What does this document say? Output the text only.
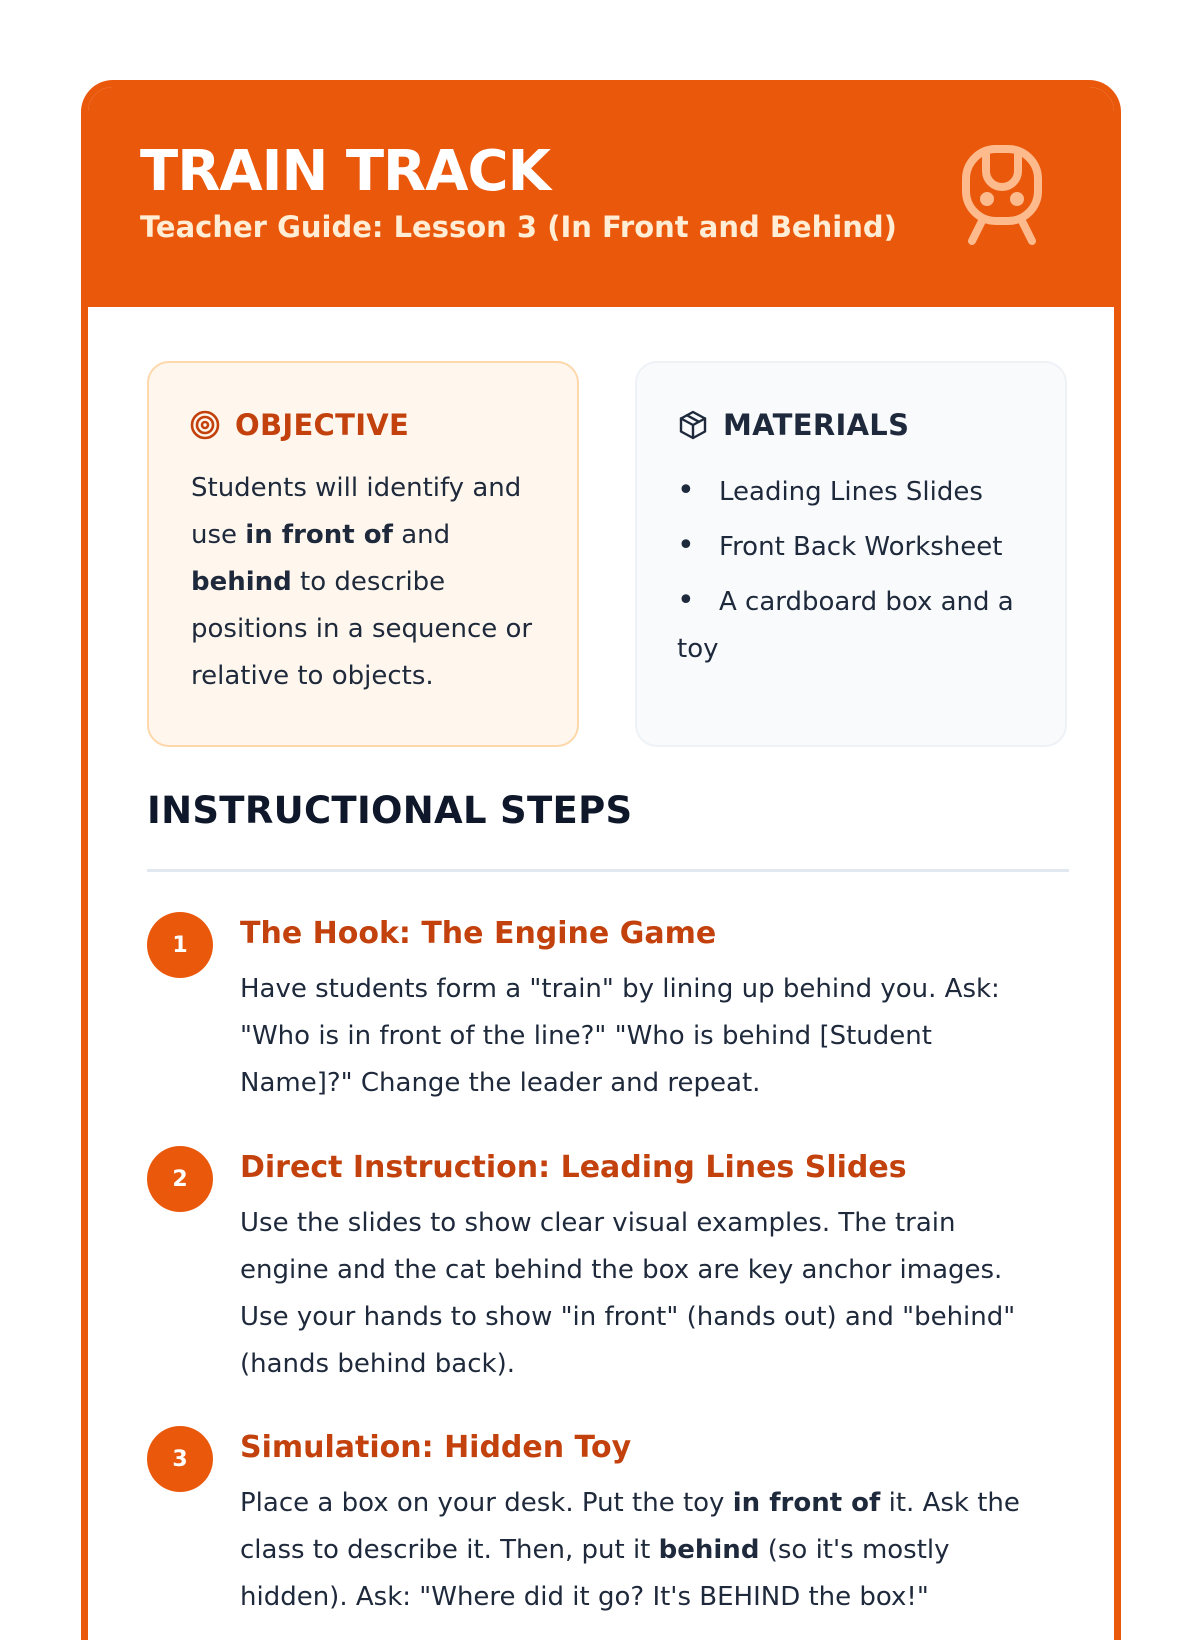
TRAIN TRACK
Teacher Guide: Lesson 3 (In Front and Behind)
OBJECTIVE
Students will identify and use in front of and behind to describe positions in a sequence or relative to objects.
MATERIALS
•Leading Lines Slides
•Front Back Worksheet
•A cardboard box and a toy
INSTRUCTIONAL STEPS
1	The Hook: The Engine Game

Have students form a "train" by lining up behind you. Ask: "Who is in front of the line?" "Who is behind [Student Name]?" Change the leader and repeat.

2	Direct Instruction: Leading Lines Slides

Use the slides to show clear visual examples. The train engine and the cat behind the box are key anchor images. Use your hands to show "in front" (hands out) and "behind" (hands behind back).

3	Simulation: Hidden Toy

Place a box on your desk. Put the toy in front of it. Ask the class to describe it. Then, put it behind (so it's mostly hidden). Ask: "Where did it go? It's BEHIND the box!"
